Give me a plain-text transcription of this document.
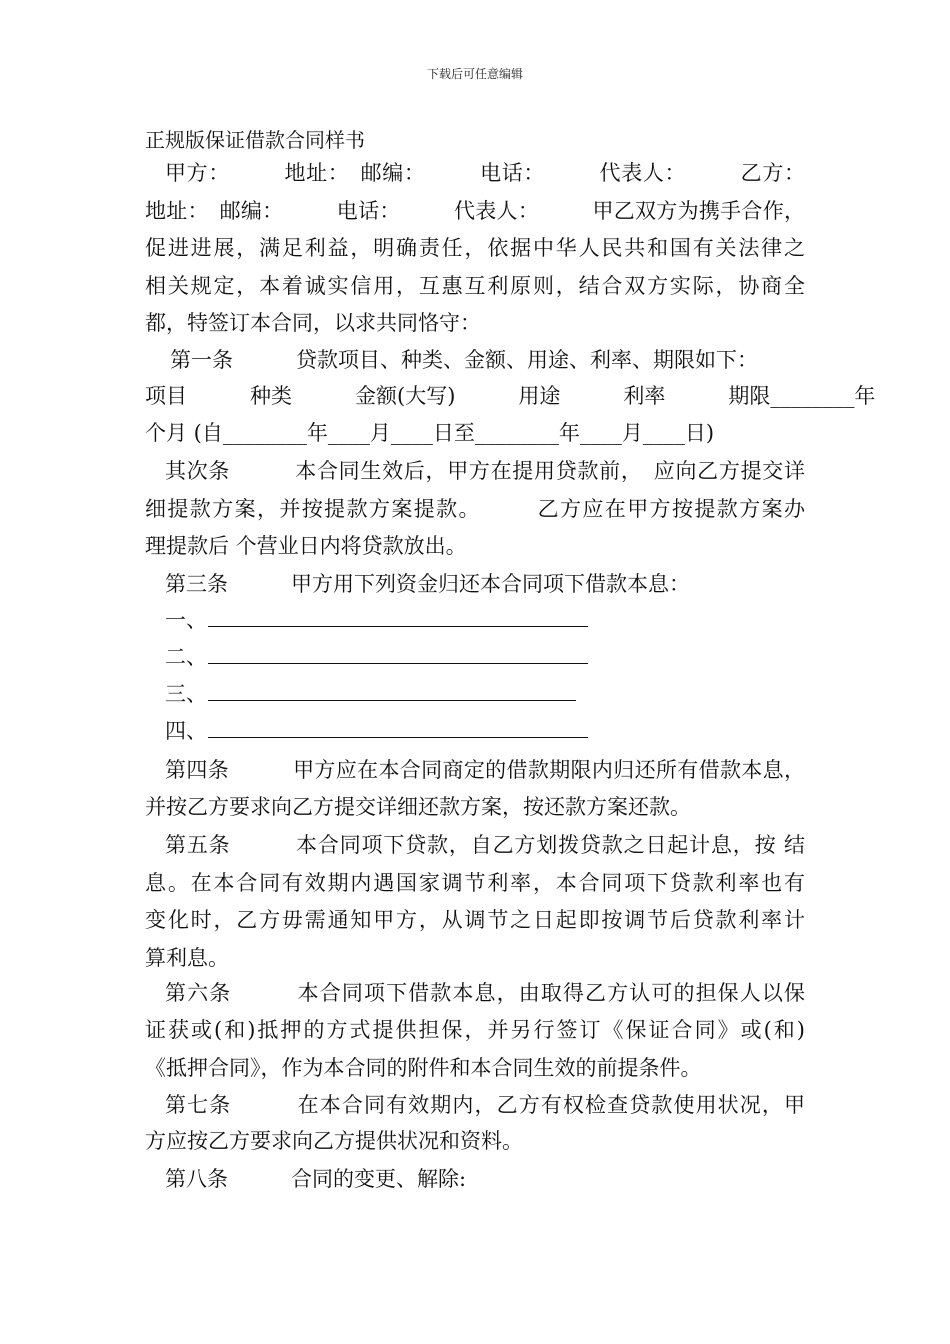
下载后可任意编辑
正规版保证借款合同样书
甲方：　　　地址：　邮编：　　　电话：　　　代表人：　　　乙方：
地址：　邮编：　　　电话：　　　代表人：　　　甲乙双方为携手合作，
促进进展，满足利益，明确责任，依据中华人民共和国有关法律之
相关规定，本着诚实信用，互惠互利原则，结合双方实际，协商全
都，特签订本合同，以求共同恪守：
第一条　　　贷款项目、种类、金额、用途、利率、期限如下：
项目　　　种类　　　金额(大写)　　　用途　　　利率　　　期限________年
个月 (自________年____月____日至________年____月____日)
其次条　　　本合同生效后，甲方在提用贷款前，　应向乙方提交详
细提款方案，并按提款方案提款。　　　乙方应在甲方按提款方案办
理提款后 个营业日内将贷款放出。
第三条　　　甲方用下列资金归还本合同项下借款本息：
一、
二、
三、
四、
第四条　　　甲方应在本合同商定的借款期限内归还所有借款本息，
并按乙方要求向乙方提交详细还款方案，按还款方案还款。
第五条　　　本合同项下贷款，自乙方划拨贷款之日起计息，按 结
息。在本合同有效期内遇国家调节利率，本合同项下贷款利率也有
变化时，乙方毋需通知甲方，从调节之日起即按调节后贷款利率计
算利息。
第六条　　　本合同项下借款本息，由取得乙方认可的担保人以保
证获或(和)抵押的方式提供担保，并另行签订《保证合同》或(和)
《抵押合同》，作为本合同的附件和本合同生效的前提条件。
第七条　　　在本合同有效期内，乙方有权检查贷款使用状况，甲
方应按乙方要求向乙方提供状况和资料。
第八条　　　合同的变更、解除:
